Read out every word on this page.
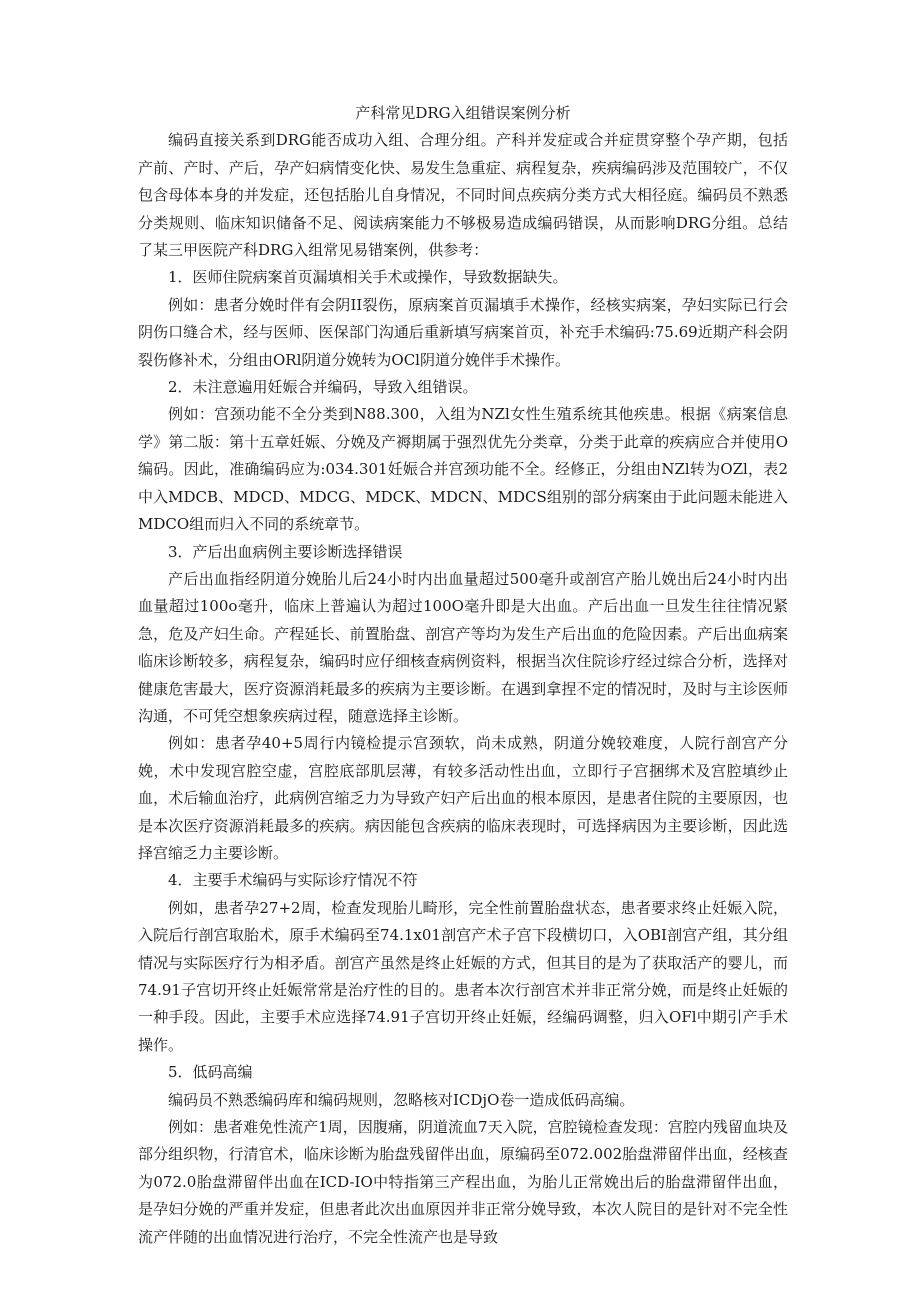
产科常见DRG入组错误案例分析

编码直接关系到DRG能否成功入组、合理分组。产科并发症或合并症贯穿整个孕产期，包括产前、产时、产后，孕产妇病情变化快、易发生急重症、病程复杂，疾病编码涉及范围较广，不仅包含母体本身的并发症，还包括胎儿自身情况，不同时间点疾病分类方式大相径庭。编码员不熟悉分类规则、临床知识储备不足、阅读病案能力不够极易造成编码错误，从而影响DRG分组。总结了某三甲医院产科DRG入组常见易错案例，供参考：

1．医师住院病案首页漏填相关手术或操作，导致数据缺失。

例如：患者分娩时伴有会阴II裂伤，原病案首页漏填手术操作，经核实病案，孕妇实际已行会阴伤口缝合术，经与医师、医保部门沟通后重新填写病案首页，补充手术编码:75.69近期产科会阴裂伤修补术，分组由ORl阴道分娩转为OCl阴道分娩伴手术操作。

2．未注意遍用妊娠合并编码，导致入组错误。

例如：宫颈功能不全分类到N88.300，入组为NZl女性生殖系统其他疾患。根据《病案信息学》第二版：第十五章妊娠、分娩及产褥期属于强烈优先分类章，分类于此章的疾病应合并使用O编码。因此，准确编码应为:034.301妊娠合并宫颈功能不全。经修正，分组由NZl转为OZl，表2中入MDCB、MDCD、MDCG、MDCK、MDCN、MDCS组别的部分病案由于此问题未能进入MDCO组而归入不同的系统章节。

3．产后出血病例主要诊断选择错误

产后出血指经阴道分娩胎儿后24小时内出血量超过500毫升或剖宫产胎儿娩出后24小时内出血量超过100o毫升，临床上普遍认为超过100O毫升即是大出血。产后出血一旦发生往往情况紧急，危及产妇生命。产程延长、前置胎盘、剖宫产等均为发生产后出血的危险因素。产后出血病案临床诊断较多，病程复杂，编码时应仔细核查病例资料，根据当次住院诊疗经过综合分析，选择对健康危害最大，医疗资源消耗最多的疾病为主要诊断。在遇到拿捏不定的情况时，及时与主诊医师沟通，不可凭空想象疾病过程，随意选择主诊断。

例如：患者孕40+5周行内镜检提示宫颈软，尚未成熟，阴道分娩较难度，人院行剖宫产分娩，术中发现宫腔空虚，宫腔底部肌层薄，有较多活动性出血，立即行子宫捆绑术及宫腔填纱止血，术后输血治疗，此病例宫缩乏力为导致产妇产后出血的根本原因，是患者住院的主要原因，也是本次医疗资源消耗最多的疾病。病因能包含疾病的临床表现时，可选择病因为主要诊断，因此选择宫缩乏力主要诊断。

4．主要手术编码与实际诊疗情况不符

例如，患者孕27+2周，检查发现胎儿畸形，完全性前置胎盘状态，患者要求终止妊娠入院，入院后行剖宫取胎术，原手术编码至74.1x01剖宫产术子宫下段横切口，入OBI剖宫产组，其分组情况与实际医疗行为相矛盾。剖宫产虽然是终止妊娠的方式，但其目的是为了获取活产的婴儿，而74.91子宫切开终止妊娠常常是治疗性的目的。患者本次行剖宫术并非正常分娩，而是终止妊娠的一种手段。因此，主要手术应选择74.91子宫切开终止妊娠，经编码调整，归入OFl中期引产手术操作。

5．低码高编

编码员不熟悉编码库和编码规则，忽略核对ICDjO卷一造成低码高编。

例如：患者难免性流产1周，因腹痛，阴道流血7天入院，宫腔镜检查发现：宫腔内残留血块及部分组织物，行清官术，临床诊断为胎盘残留伴出血，原编码至072.002胎盘滞留伴出血，经核查为072.0胎盘滞留伴出血在ICD-IO中特指第三产程出血，为胎儿正常娩出后的胎盘滞留伴出血，是孕妇分娩的严重并发症，但患者此次出血原因并非正常分娩导致，本次人院目的是针对不完全性流产伴随的出血情况进行治疗，不完全性流产也是导致
